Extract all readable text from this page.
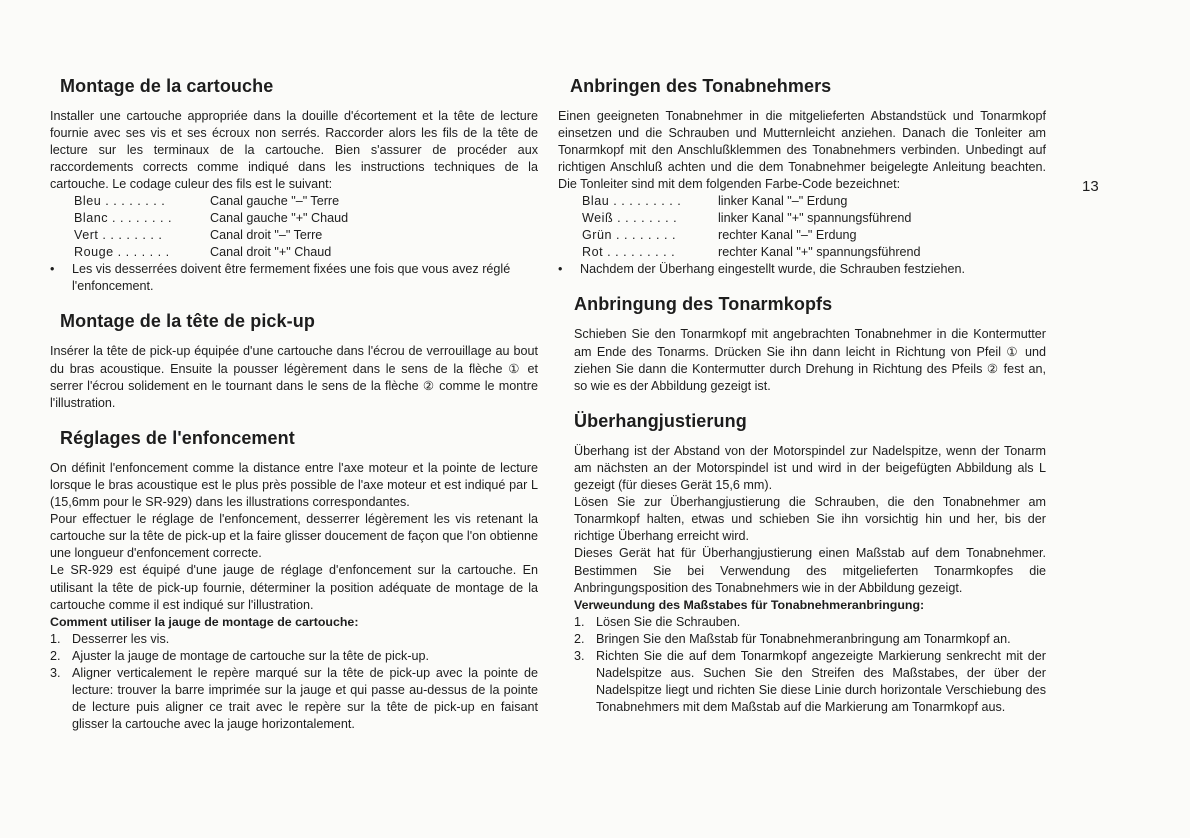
13
Montage de la cartouche

Installer une cartouche appropriée dans la douille d'écortement et la tête de lecture fournie avec ses vis et ses écroux non serrés. Raccorder alors les fils de la tête de lecture sur les terminaux de la cartouche. Bien s'assurer de procéder aux raccordements corrects comme indiqué dans les instructions techniques de la cartouche. Le codage culeur des fils est le suivant:

Bleu . . . . . . . .	Canal gauche "–" Terre
Blanc . . . . . . . .	Canal gauche "+" Chaud
Vert . . . . . . . .	Canal droit "–" Terre
Rouge . . . . . . .	Canal droit "+" Chaud
•	Les vis desserrées doivent être fermement fixées une fois que vous avez réglé l'enfoncement.
Montage de la tête de pick-up

Insérer la tête de pick-up équipée d'une cartouche dans l'écrou de verrouillage au bout du bras acoustique. Ensuite la pousser légèrement dans le sens de la flèche ① et serrer l'écrou solidement en le tournant dans le sens de la flèche ② comme le montre l'illustration.

Réglages de l'enfoncement

On définit l'enfoncement comme la distance entre l'axe moteur et la pointe de lecture lorsque le bras acoustique est le plus près possible de l'axe moteur et est indiqué par L (15,6mm pour le SR-929) dans les illustrations correspondantes.

Pour effectuer le réglage de l'enfoncement, desserrer légèrement les vis retenant la cartouche sur la tête de pick-up et la faire glisser doucement de façon que l'on obtienne une longueur d'enfoncement correcte.

Le SR-929 est équipé d'une jauge de réglage d'enfoncement sur la cartouche. En utilisant la tête de pick-up fournie, déterminer la position adéquate de montage de la cartouche comme il est indiqué sur l'illustration.

Comment utiliser la jauge de montage de cartouche:
1. Desserrer les vis.
2. Ajuster la jauge de montage de cartouche sur la tête de pick-up.
3. Aligner verticalement le repère marqué sur la tête de pick-up avec la pointe de lecture: trouver la barre imprimée sur la jauge et qui passe au-dessus de la pointe de lecture puis aligner ce trait avec le repère sur la tête de pick-up en faisant glisser la cartouche avec la jauge horizontalement.
Anbringen des Tonabnehmers

Einen geeigneten Tonabnehmer in die mitgelieferten Abstandstück und Tonarmkopf einsetzen und die Schrauben und Mutternleicht anziehen. Danach die Tonleiter am Tonarmkopf mit den Anschlußklemmen des Tonabnehmers verbinden. Unbedingt auf richtigen Anschluß achten und die dem Tonabnehmer beigelegte Anleitung beachten. Die Tonleiter sind mit dem folgenden Farbe-Code bezeichnet:

Blau . . . . . . . . .	linker Kanal "–" Erdung
Weiß . . . . . . . .	linker Kanal "+" spannungsführend
Grün . . . . . . . .	rechter Kanal "–" Erdung
Rot . . . . . . . . .	rechter Kanal "+" spannungsführend
•	Nachdem der Überhang eingestellt wurde, die Schrauben festziehen.
Anbringung des Tonarmkopfs

Schieben Sie den Tonarmkopf mit angebrachten Tonabnehmer in die Kontermutter am Ende des Tonarms. Drücken Sie ihn dann leicht in Richtung von Pfeil ① und ziehen Sie dann die Kontermutter durch Drehung in Richtung des Pfeils ② fest an, so wie es der Abbildung gezeigt ist.

Überhangjustierung

Überhang ist der Abstand von der Motorspindel zur Nadelspitze, wenn der Tonarm am nächsten an der Motorspindel ist und wird in der beigefügten Abbildung als L gezeigt (für dieses Gerät 15,6 mm).

Lösen Sie zur Überhangjustierung die Schrauben, die den Tonabnehmer am Tonarmkopf halten, etwas und schieben Sie ihn vorsichtig hin und her, bis der richtige Überhang erreicht wird.

Dieses Gerät hat für Überhangjustierung einen Maßstab auf dem Tonabnehmer. Bestimmen Sie bei Verwendung des mitgelieferten Tonarmkopfes die Anbringungsposition des Tonabnehmers wie in der Abbildung gezeigt.

Verweundung des Maßstabes für Tonabnehmeranbringung:
1. Lösen Sie die Schrauben.
2. Bringen Sie den Maßstab für Tonabnehmeranbringung am Tonarmkopf an.
3. Richten Sie die auf dem Tonarmkopf angezeigte Markierung senkrecht mit der Nadelspitze aus. Suchen Sie den Streifen des Maßstabes, der über der Nadelspitze liegt und richten Sie diese Linie durch horizontale Verschiebung des Tonabnehmers mit dem Maßstab auf die Markierung am Tonarmkopf aus.
